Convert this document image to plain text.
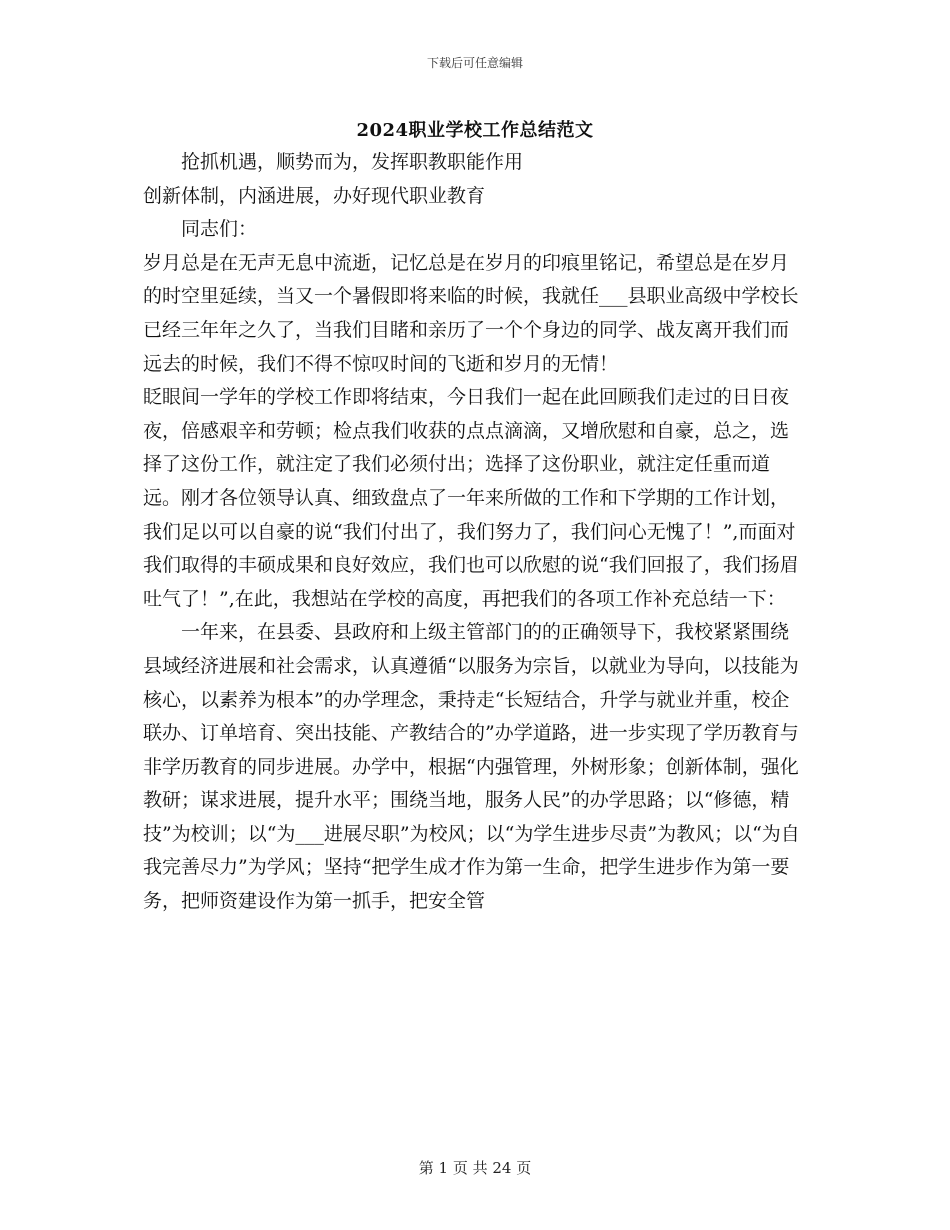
下载后可任意编辑
2024职业学校工作总结范文

抢抓机遇，顺势而为，发挥职教职能作用

创新体制，内涵进展，办好现代职业教育

同志们：

岁月总是在无声无息中流逝，记忆总是在岁月的印痕里铭记，希望总是在岁月的时空里延续，当又一个暑假即将来临的时候，我就任___县职业高级中学校长已经三年年之久了，当我们目睹和亲历了一个个身边的同学、战友离开我们而远去的时候，我们不得不惊叹时间的飞逝和岁月的无情！

眨眼间一学年的学校工作即将结束，今日我们一起在此回顾我们走过的日日夜夜，倍感艰辛和劳顿；检点我们收获的点点滴滴，又增欣慰和自豪，总之，选择了这份工作，就注定了我们必须付出；选择了这份职业，就注定任重而道远。刚才各位领导认真、细致盘点了一年来所做的工作和下学期的工作计划，我们足以可以自豪的说“我们付出了，我们努力了，我们问心无愧了！”,而面对我们取得的丰硕成果和良好效应，我们也可以欣慰的说“我们回报了，我们扬眉吐气了！”,在此，我想站在学校的高度，再把我们的各项工作补充总结一下：

一年来，在县委、县政府和上级主管部门的的正确领导下，我校紧紧围绕县域经济进展和社会需求，认真遵循“以服务为宗旨，以就业为导向，以技能为核心，以素养为根本”的办学理念，秉持走“长短结合，升学与就业并重，校企联办、订单培育、突出技能、产教结合的”办学道路，进一步实现了学历教育与非学历教育的同步进展。办学中，根据“内强管理，外树形象；创新体制，强化教研；谋求进展，提升水平；围绕当地，服务人民”的办学思路；以“修德，精技”为校训；以“为___进展尽职”为校风；以“为学生进步尽责”为教风；以“为自我完善尽力”为学风；坚持“把学生成才作为第一生命，把学生进步作为第一要务，把师资建设作为第一抓手，把安全管

第 1 页 共 24 页
